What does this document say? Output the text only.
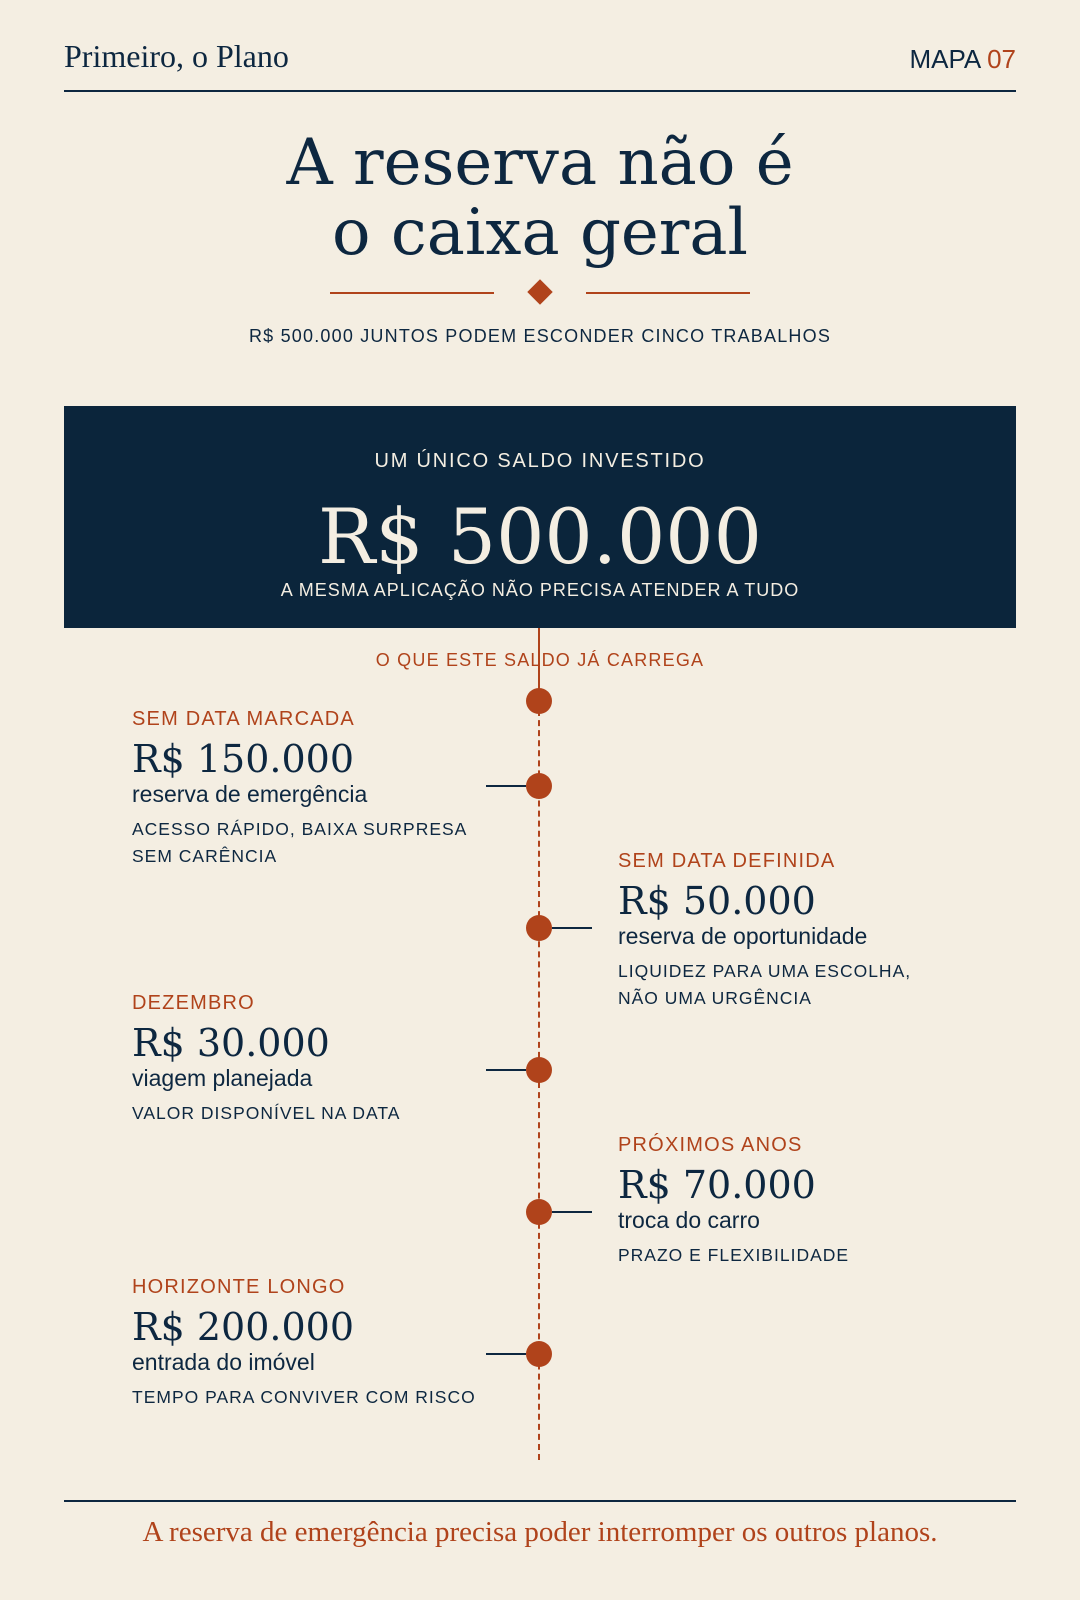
Primeiro, o Plano	MAPA 07
A reserva não é
o caixa geral
R$ 500.000 JUNTOS PODEM ESCONDER CINCO TRABALHOS
UM ÚNICO SALDO INVESTIDO
R$ 500.000
A MESMA APLICAÇÃO NÃO PRECISA ATENDER A TUDO
O QUE ESTE SALDO JÁ CARREGA
SEM DATA MARCADA
R$ 150.000
reserva de emergência
ACESSO RÁPIDO, BAIXA SURPRESA
SEM CARÊNCIA	SEM DATA DEFINIDA
R$ 50.000
reserva de oportunidade
LIQUIDEZ PARA UMA ESCOLHA,
NÃO UMA URGÊNCIA
DEZEMBRO
R$ 30.000
viagem planejada
VALOR DISPONÍVEL NA DATA
PRÓXIMOS ANOS
R$ 70.000
troca do carro
PRAZO E FLEXIBILIDADE
HORIZONTE LONGO
R$ 200.000
entrada do imóvel
TEMPO PARA CONVIVER COM RISCO
A reserva de emergência precisa poder interromper os outros planos.
